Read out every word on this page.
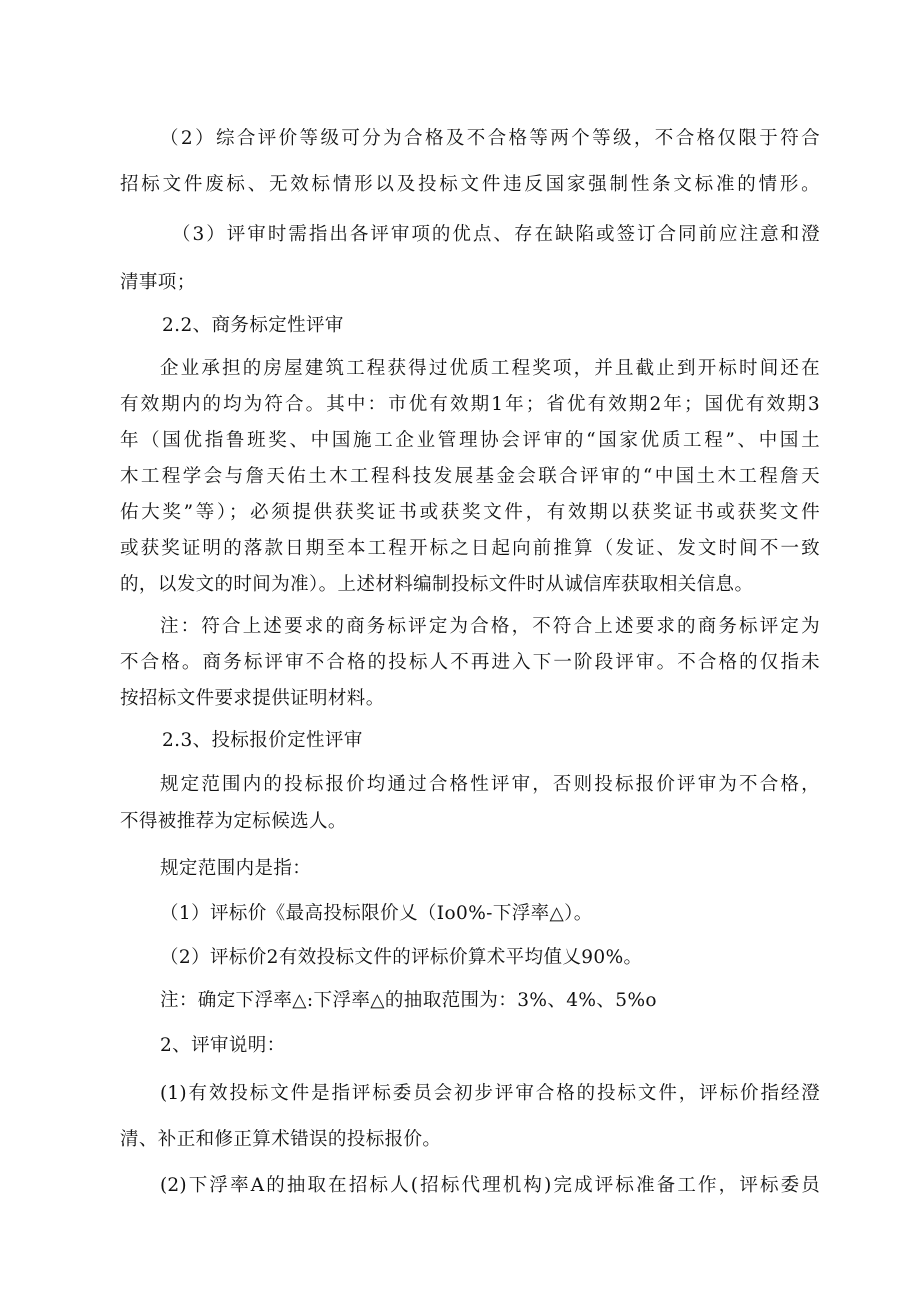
（2）综合评价等级可分为合格及不合格等两个等级，不合格仅限于符合
招标文件废标、无效标情形以及投标文件违反国家强制性条文标准的情形。
（3）评审时需指出各评审项的优点、存在缺陷或签订合同前应注意和澄
清事项；
2.2、商务标定性评审
企业承担的房屋建筑工程获得过优质工程奖项，并且截止到开标时间还在
有效期内的均为符合。其中：市优有效期1年；省优有效期2年；国优有效期3
年（国优指鲁班奖、中国施工企业管理协会评审的“国家优质工程”、中国土
木工程学会与詹天佑土木工程科技发展基金会联合评审的“中国土木工程詹天
佑大奖”等）；必须提供获奖证书或获奖文件，有效期以获奖证书或获奖文件
或获奖证明的落款日期至本工程开标之日起向前推算（发证、发文时间不一致
的，以发文的时间为准）。上述材料编制投标文件时从诚信库获取相关信息。
注：符合上述要求的商务标评定为合格，不符合上述要求的商务标评定为
不合格。商务标评审不合格的投标人不再进入下一阶段评审。不合格的仅指未
按招标文件要求提供证明材料。
2.3、投标报价定性评审
规定范围内的投标报价均通过合格性评审，否则投标报价评审为不合格，
不得被推荐为定标候选人。
规定范围内是指：
（1）评标价《最高投标限价乂（Io0%-下浮率△）。
（2）评标价2有效投标文件的评标价算术平均值乂90%。
注：确定下浮率△:下浮率△的抽取范围为：3%、4%、5%o
2、评审说明：
(1)有效投标文件是指评标委员会初步评审合格的投标文件，评标价指经澄
清、补正和修正算术错误的投标报价。
(2)下浮率A的抽取在招标人(招标代理机构)完成评标准备工作，评标委员
